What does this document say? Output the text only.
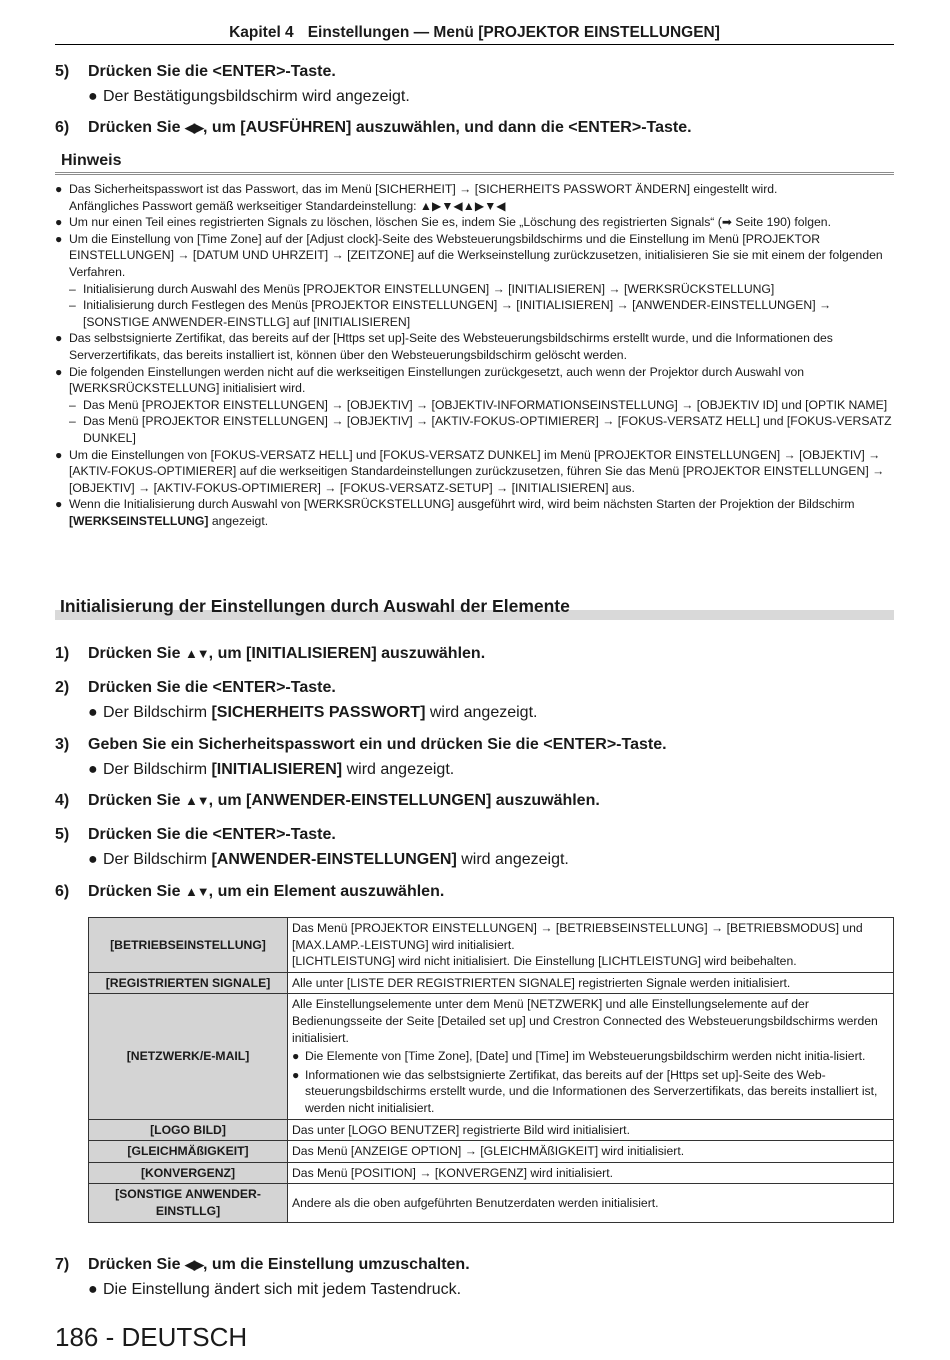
Kapitel 4 Einstellungen — Menü [PROJEKTOR EINSTELLUNGEN]
5) Drücken Sie die <ENTER>-Taste.
● Der Bestätigungsbildschirm wird angezeigt.
6) Drücken Sie ◀▶, um [AUSFÜHREN] auszuwählen, und dann die <ENTER>-Taste.
Hinweis
● Das Sicherheitspasswort ist das Passwort, das im Menü [SICHERHEIT] → [SICHERHEITS PASSWORT ÄNDERN] eingestellt wird.
Anfängliches Passwort gemäß werkseitiger Standardeinstellung: ▲▶▼◀▲▶▼◀
● Um nur einen Teil eines registrierten Signals zu löschen, löschen Sie es, indem Sie „Löschung des registrierten Signals“ (➡ Seite 190) folgen.
● Um die Einstellung von [Time Zone] auf der [Adjust clock]-Seite des Websteuerungsbildschirms und die Einstellung im Menü [PROJEKTOR EINSTELLUNGEN] → [DATUM UND UHRZEIT] → [ZEITZONE] auf die Werkseinstellung zurückzusetzen, initialisieren Sie sie mit einem der folgenden Verfahren.
– Initialisierung durch Auswahl des Menüs [PROJEKTOR EINSTELLUNGEN] → [INITIALISIEREN] → [WERKSRÜCKSTELLUNG]
– Initialisierung durch Festlegen des Menüs [PROJEKTOR EINSTELLUNGEN] → [INITIALISIEREN] → [ANWENDER-EINSTELLUNGEN] → [SONSTIGE ANWENDER-EINSTLLG] auf [INITIALISIEREN]
● Das selbstsignierte Zertifikat, das bereits auf der [Https set up]-Seite des Websteuerungsbildschirms erstellt wurde, und die Informationen des Serverzertifikats, das bereits installiert ist, können über den Websteuerungsbildschirm gelöscht werden.
● Die folgenden Einstellungen werden nicht auf die werkseitigen Einstellungen zurückgesetzt, auch wenn der Projektor durch Auswahl von [WERKSRÜCKSTELLUNG] initialisiert wird.
– Das Menü [PROJEKTOR EINSTELLUNGEN] → [OBJEKTIV] → [OBJEKTIV-INFORMATIONSEINSTELLUNG] → [OBJEKTIV ID] und [OPTIK NAME]
– Das Menü [PROJEKTOR EINSTELLUNGEN] → [OBJEKTIV] → [AKTIV-FOKUS-OPTIMIERER] → [FOKUS-VERSATZ HELL] und [FOKUS-VERSATZ DUNKEL]
● Um die Einstellungen von [FOKUS-VERSATZ HELL] und [FOKUS-VERSATZ DUNKEL] im Menü [PROJEKTOR EINSTELLUNGEN] → [OBJEKTIV] → [AKTIV-FOKUS-OPTIMIERER] auf die werkseitigen Standardeinstellungen zurückzusetzen, führen Sie das Menü [PROJEKTOR EINSTELLUNGEN] → [OBJEKTIV] → [AKTIV-FOKUS-OPTIMIERER] → [FOKUS-VERSATZ-SETUP] → [INITIALISIEREN] aus.
● Wenn die Initialisierung durch Auswahl von [WERKSRÜCKSTELLUNG] ausgeführt wird, wird beim nächsten Starten der Projektion der Bildschirm [WERKSEINSTELLUNG] angezeigt.
Initialisierung der Einstellungen durch Auswahl der Elemente
1) Drücken Sie ▲▼, um [INITIALISIEREN] auszuwählen.
2) Drücken Sie die <ENTER>-Taste.
● Der Bildschirm [SICHERHEITS PASSWORT] wird angezeigt.
3) Geben Sie ein Sicherheitspasswort ein und drücken Sie die <ENTER>-Taste.
● Der Bildschirm [INITIALISIEREN] wird angezeigt.
4) Drücken Sie ▲▼, um [ANWENDER-EINSTELLUNGEN] auszuwählen.
5) Drücken Sie die <ENTER>-Taste.
● Der Bildschirm [ANWENDER-EINSTELLUNGEN] wird angezeigt.
6) Drücken Sie ▲▼, um ein Element auszuwählen.
[BETRIEBSEINSTELLUNG]	Das Menü [PROJEKTOR EINSTELLUNGEN] → [BETRIEBSEINSTELLUNG] → [BETRIEBSMODUS] und [MAX.LAMP.-LEISTUNG] wird initialisiert.
[LICHTLEISTUNG] wird nicht initialisiert. Die Einstellung [LICHTLEISTUNG] wird beibehalten.
[REGISTRIERTEN SIGNALE]	Alle unter [LISTE DER REGISTRIERTEN SIGNALE] registrierten Signale werden initialisiert.
[NETZWERK/E-MAIL]	Alle Einstellungselemente unter dem Menü [NETZWERK] und alle Einstellungselemente auf der Bedienungsseite der Seite [Detailed set up] und Crestron Connected des Websteuerungsbildschirms werden initialisiert.
● Die Elemente von [Time Zone], [Date] und [Time] im Websteuerungsbildschirm werden nicht initia-lisiert.
● Informationen wie das selbstsignierte Zertifikat, das bereits auf der [Https set up]-Seite des Web-steuerungsbildschirms erstellt wurde, und die Informationen des Serverzertifikats, das bereits installiert ist, werden nicht initialisiert.

[LOGO BILD]	Das unter [LOGO BENUTZER] registrierte Bild wird initialisiert.
[GLEICHMÄßIGKEIT]	Das Menü [ANZEIGE OPTION] → [GLEICHMÄßIGKEIT] wird initialisiert.
[KONVERGENZ]	Das Menü [POSITION] → [KONVERGENZ] wird initialisiert.
[SONSTIGE ANWENDER-EINSTLLG]	Andere als die oben aufgeführten Benutzerdaten werden initialisiert.
7) Drücken Sie ◀▶, um die Einstellung umzuschalten.
● Die Einstellung ändert sich mit jedem Tastendruck.
186 - DEUTSCH
